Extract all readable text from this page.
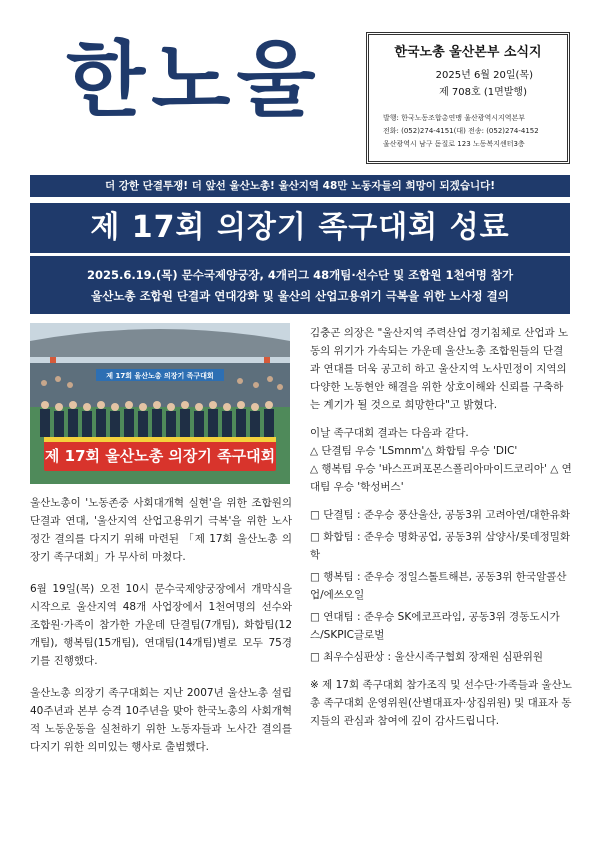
한노울	한국노총 울산본부 소식지
2025년 6월 20일(목)
제 708호 (1면발행)
발행: 한국노동조합총연맹 울산광역시지역본부
전화: (052)274-4151(대) 전송: (052)274-4152
울산광역시 남구 돋질로 123 노동복지센터3층
더 강한 단결투쟁! 더 앞선 울산노총! 울산지역 48만 노동자들의 희망이 되겠습니다!
제 17회 의장기 족구대회 성료
2025.6.19.(목) 문수국제양궁장, 4개리그 48개팀·선수단 및 조합원 1천여명 참가
울산노총 조합원 단결과 연대강화 및 울산의 산업고용위기 극복을 위한 노사정 결의
제 17회 울산노총 의장기 족구대회
제 17회 울산노총 의장기 족구대회

울산노총이 '노동존중 사회대개혁 실현'을 위한 조합원의 단결과 연대, '울산지역 산업고용위기 극복'을 위한 노사정간 결의를 다지기 위해 마련된 「제 17회 울산노총 의장기 족구대회」가 무사히 마쳤다.

6월 19일(목) 오전 10시 문수국제양궁장에서 개막식을 시작으로 울산지역 48개 사업장에서 1천여명의 선수와 조합원·가족이 참가한 가운데 단결팀(7개팀), 화합팀(12개팀), 행복팀(15개팀), 연대팀(14개팀)별로 모두 75경기를 진행했다.

울산노총 의장기 족구대회는 지난 2007년 울산노총 설립 40주년과 본부 승격 10주년을 맞아 한국노총의 사회개혁적 노동운동을 실천하기 위한 노동자들과 노사간 결의를 다지기 위한 의미있는 행사로 출범했다.

김충곤 의장은 "울산지역 주력산업 경기침체로 산업과 노동의 위기가 가속되는 가운데 울산노총 조합원들의 단결과 연대를 더욱 공고히 하고 울산지역 노사민정이 지역의 다양한 노동현안 해결을 위한 상호이해와 신뢰를 구축하는 계기가 될 것으로 희망한다"고 밝혔다.

이날 족구대회 결과는 다음과 같다.
△ 단결팀 우승 'LSmnm'△ 화합팀 우승 'DIC'
△ 행복팀 우승 '바스프퍼포몬스폴리아마이드코리아' △ 연대팀 우승 '학성버스'

□ 단결팀 : 준우승 풍산울산, 공동3위 고려아연/대한유화

□ 화합팀 : 준우승 명화공업, 공동3위 삼양사/롯데정밀화학

□ 행복팀 : 준우승 정일스톨트해븐, 공동3위 한국알콜산업/에쓰오일

□ 연대팀 : 준우승 SK에코프라임, 공동3위 경동도시가스/SKPIC글로벌

□ 최우수심판상 : 울산시족구협회 장재원 심판위원

※ 제 17회 족구대회 참가조직 및 선수단·가족들과 울산노총 족구대회 운영위원(산별대표자·상집위원) 및 대표자 동지들의 관심과 참여에 깊이 감사드립니다.
